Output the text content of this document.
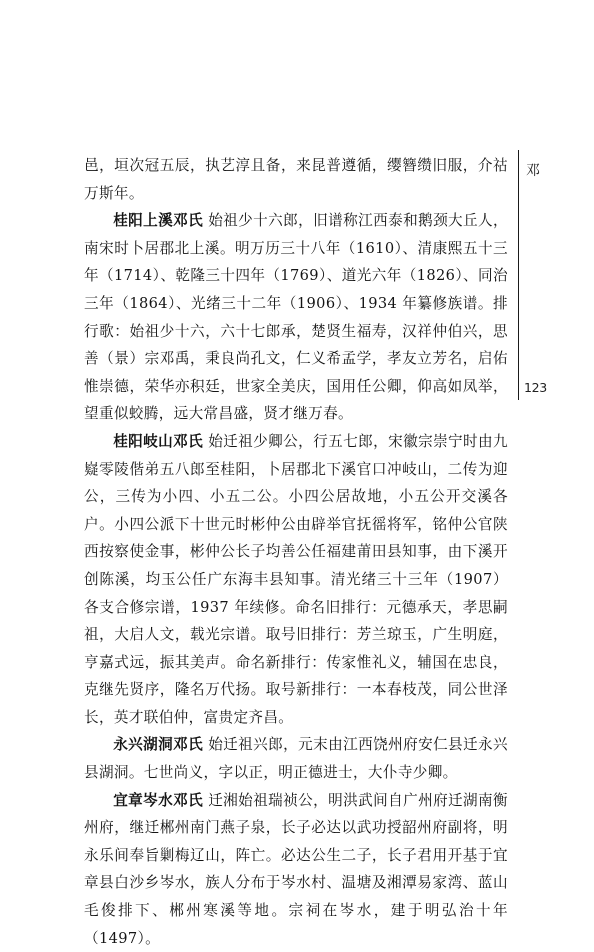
邑，垣次冠五辰，执艺淳且备，来昆普遵循，缨簪缵旧服，介祜万斯年。

桂阳上溪邓氏 始祖少十六郎，旧谱称江西泰和鹅颈大丘人，南宋时卜居郡北上溪。明万历三十八年（1610）、清康熙五十三年（1714）、乾隆三十四年（1769）、道光六年（1826）、同治三年（1864）、光绪三十二年（1906）、1934 年纂修族谱。排行歌：始祖少十六，六十七郎承，楚贤生福寿，汉祥仲伯兴，思善（景）宗邓禹，秉良尚孔文，仁义希孟学，孝友立芳名，启佑惟崇德，荣华亦积廷，世家全美庆，国用任公卿，仰高如凤举，望重似蛟腾，远大常昌盛，贤才继万春。

桂阳岐山邓氏 始迁祖少卿公，行五七郎，宋徽宗崇宁时由九嶷零陵偕弟五八郎至桂阳，卜居郡北下溪官口冲岐山，二传为迎公，三传为小四、小五二公。小四公居故地，小五公开交溪各户。小四公派下十世元时彬仲公由辟举官抚徭将军，铭仲公官陕西按察使金事，彬仲公长子均善公任福建莆田县知事，由下溪开创陈溪，均玉公任广东海丰县知事。清光绪三十三年（1907）各支合修宗谱，1937 年续修。命名旧排行：元德承天，孝思嗣祖，大启人文，载光宗谱。取号旧排行：芳兰琼玉，广生明庭，亨嘉式远，振其美声。命名新排行：传家惟礼义，辅国在忠良，克继先贤序，隆名万代扬。取号新排行：一本春枝茂，同公世泽长，英才联伯仲，富贵定齐昌。

永兴湖洞邓氏 始迁祖兴郎，元末由江西饶州府安仁县迁永兴县湖洞。七世尚义，字以正，明正德进士，大仆寺少卿。

宜章岑水邓氏 迁湘始祖瑞祯公，明洪武间自广州府迁湖南衡州府，继迁郴州南门燕子泉，长子必达以武功授韶州府副将，明永乐间奉旨剿梅辽山，阵亡。必达公生二子，长子君用开基于宜章县白沙乡岑水，族人分布于岑水村、温塘及湘潭易家湾、蓝山毛俊排下、郴州寒溪等地。宗祠在岑水，建于明弘治十年（1497）。

邓
123
